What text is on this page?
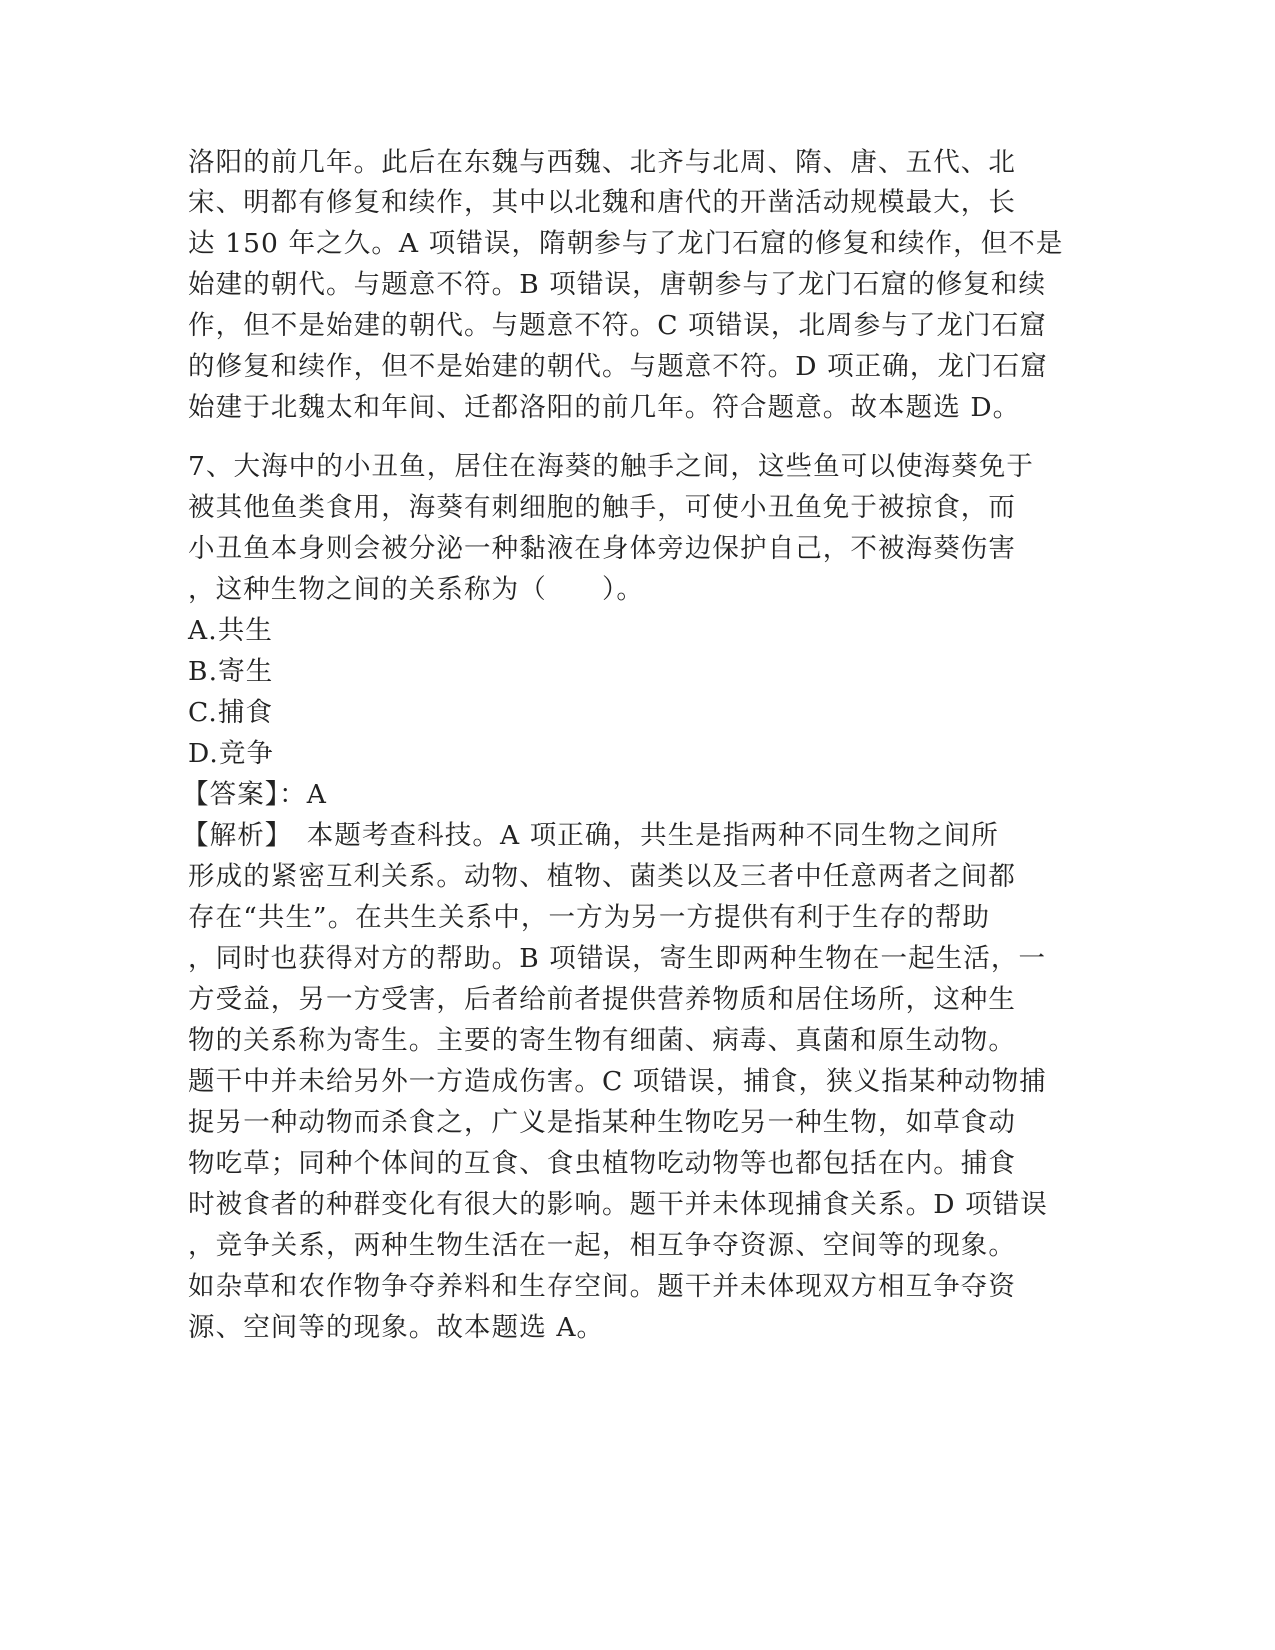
洛阳的前几年。此后在东魏与西魏、北齐与北周、隋、唐、五代、北
宋、明都有修复和续作，其中以北魏和唐代的开凿活动规模最大，长
达 150 年之久。A 项错误，隋朝参与了龙门石窟的修复和续作，但不是
始建的朝代。与题意不符。B 项错误，唐朝参与了龙门石窟的修复和续
作，但不是始建的朝代。与题意不符。C 项错误，北周参与了龙门石窟
的修复和续作，但不是始建的朝代。与题意不符。D 项正确，龙门石窟
始建于北魏太和年间、迁都洛阳的前几年。符合题意。故本题选 D。
7、大海中的小丑鱼，居住在海葵的触手之间，这些鱼可以使海葵免于
被其他鱼类食用，海葵有刺细胞的触手，可使小丑鱼免于被掠食，而
小丑鱼本身则会被分泌一种黏液在身体旁边保护自己，不被海葵伤害
，这种生物之间的关系称为（　　）。
A.共生
B.寄生
C.捕食
D.竞争
【答案】：A
【解析】　本题考查科技。A 项正确，共生是指两种不同生物之间所
形成的紧密互利关系。动物、植物、菌类以及三者中任意两者之间都
存在“共生”。在共生关系中，一方为另一方提供有利于生存的帮助
，同时也获得对方的帮助。B 项错误，寄生即两种生物在一起生活，一
方受益，另一方受害，后者给前者提供营养物质和居住场所，这种生
物的关系称为寄生。主要的寄生物有细菌、病毒、真菌和原生动物。
题干中并未给另外一方造成伤害。C 项错误，捕食，狭义指某种动物捕
捉另一种动物而杀食之，广义是指某种生物吃另一种生物，如草食动
物吃草；同种个体间的互食、食虫植物吃动物等也都包括在内。捕食
时被食者的种群变化有很大的影响。题干并未体现捕食关系。D 项错误
，竞争关系，两种生物生活在一起，相互争夺资源、空间等的现象。
如杂草和农作物争夺养料和生存空间。题干并未体现双方相互争夺资
源、空间等的现象。故本题选 A。
